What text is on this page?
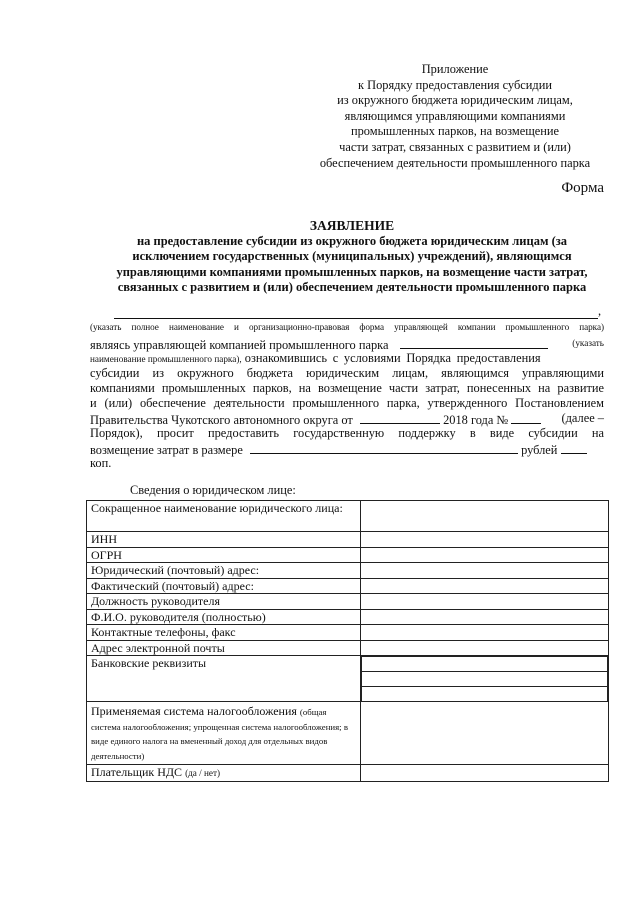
Приложение
к Порядку предоставления субсидии
из окружного бюджета юридическим лицам,
являющимся управляющими компаниями
промышленных парков, на возмещение
части затрат, связанных с развитием и (или)
обеспечением деятельности промышленного парка
Форма
ЗАЯВЛЕНИЕ
на предоставление субсидии из окружного бюджета юридическим лицам (за
исключением государственных (муниципальных) учреждений), являющимся
управляющими компаниями промышленных парков, на возмещение части затрат,
связанных с развитием и (или) обеспечением деятельности промышленного парка
,
(указать полное наименование и организационно-правовая форма управляющей компании промышленного парка)
являясь управляющей компанией промышленного парка	(указать
наименование промышленного парка), ознакомившись с условиями Порядка предоставления
субсидии из окружного бюджета юридическим лицам, являющимся управляющими
компаниями промышленных парков, на возмещение части затрат, понесенных на развитие
и (или) обеспечение деятельности промышленного парка, утвержденного Постановлением
Правительства Чукотского автономного округа от	2018 года №	(далее –
Порядок), просит предоставить государственную поддержку в виде субсидии на
возмещение затрат в размере	рублей
коп.
Сведения о юридическом лице:
Сокращенное наименование юридического лица:	
ИНН	
ОГРН	
Юридический (почтовый) адрес:	
Фактический (почтовый) адрес:	
Должность руководителя	
Ф.И.О. руководителя (полностью)	
Контактные телефоны, факс	
Адрес электронной почты	
Банковские реквизиты	

Применяемая система налогообложения (общая система налогообложения; упрощенная система налогообложения; в виде единого налога на вмененный доход для отдельных видов деятельности)	
Плательщик НДС (да / нет)	
